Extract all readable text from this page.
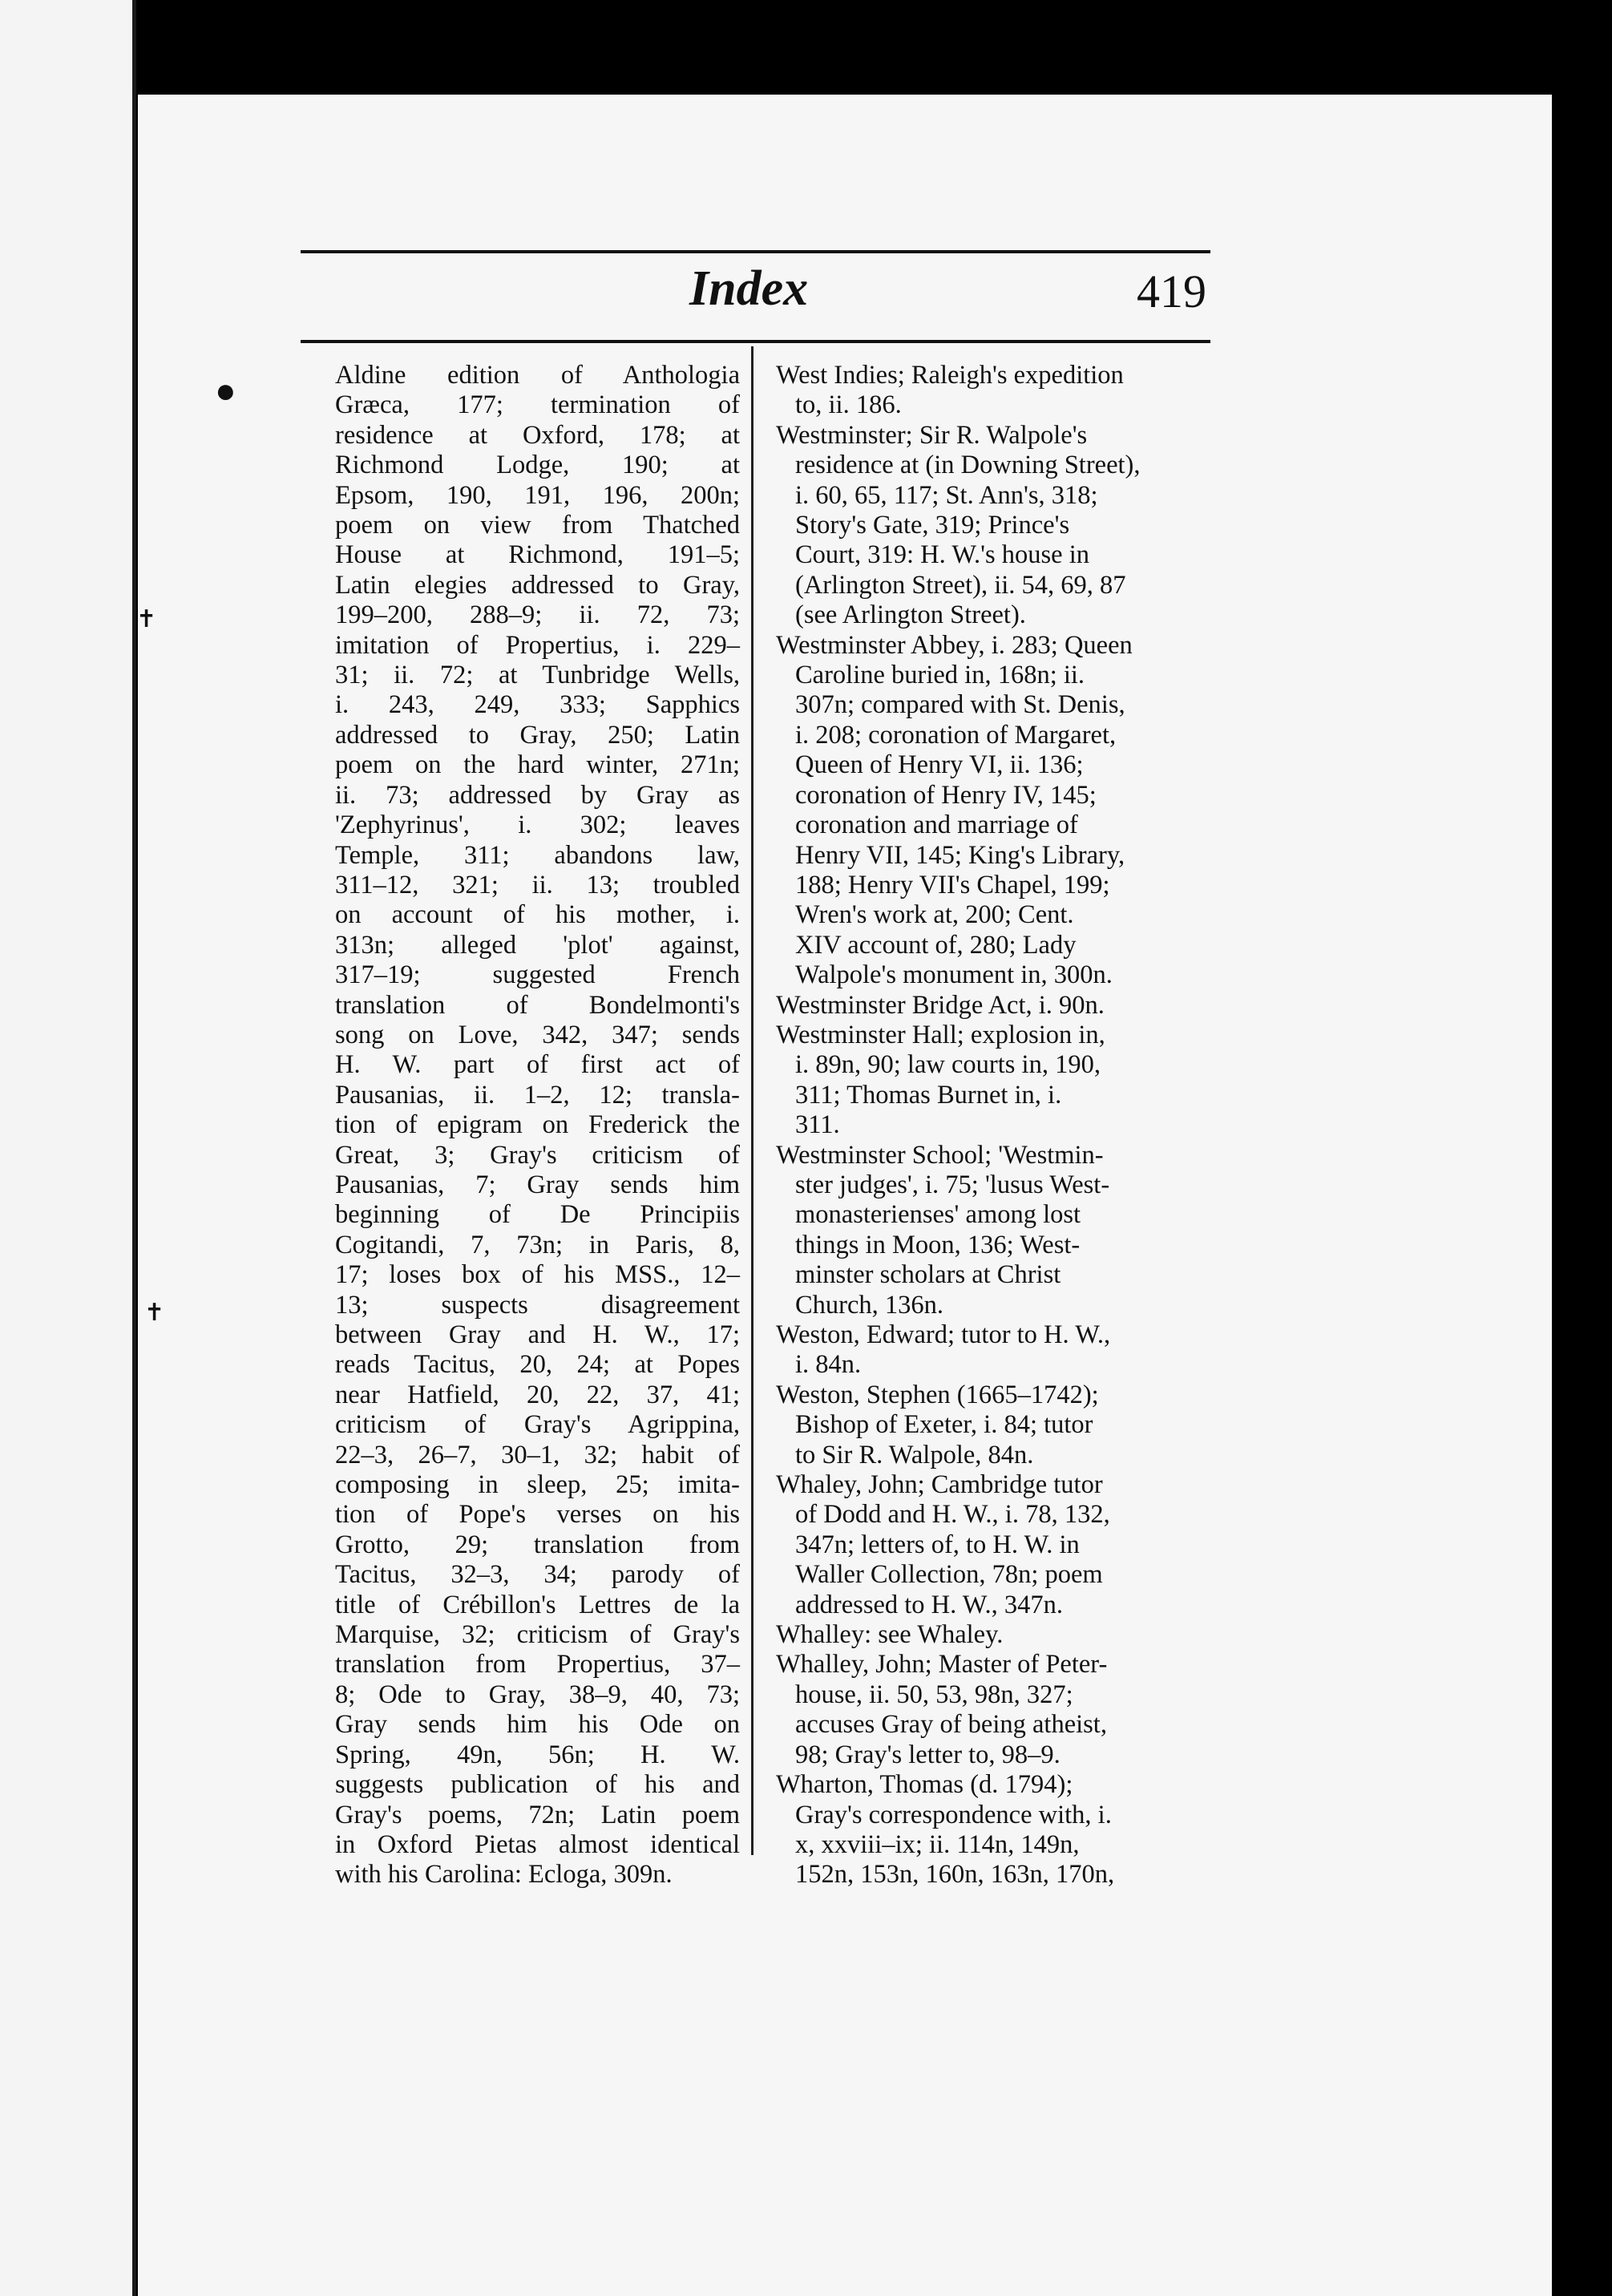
Index	419
●
✝
✝

Aldine edition of Anthologia

Græca, 177; termination of

residence at Oxford, 178; at

Richmond Lodge, 190; at

Epsom, 190, 191, 196, 200n;

poem on view from Thatched

House at Richmond, 191–5;

Latin elegies addressed to Gray,

199–200, 288–9; ii. 72, 73;

imitation of Propertius, i. 229–

31; ii. 72; at Tunbridge Wells,

i. 243, 249, 333; Sapphics

addressed to Gray, 250; Latin

poem on the hard winter, 271n;

ii. 73; addressed by Gray as

'Zephyrinus', i. 302; leaves

Temple, 311; abandons law,

311–12, 321; ii. 13; troubled

on account of his mother, i.

313n; alleged 'plot' against,

317–19; suggested French

translation of Bondelmonti's

song on Love, 342, 347; sends

H. W. part of first act of

Pausanias, ii. 1–2, 12; transla-

tion of epigram on Frederick the

Great, 3; Gray's criticism of

Pausanias, 7; Gray sends him

beginning of De Principiis

Cogitandi, 7, 73n; in Paris, 8,

17; loses box of his MSS., 12–

13; suspects disagreement

between Gray and H. W., 17;

reads Tacitus, 20, 24; at Popes

near Hatfield, 20, 22, 37, 41;

criticism of Gray's Agrippina,

22–3, 26–7, 30–1, 32; habit of

composing in sleep, 25; imita-

tion of Pope's verses on his

Grotto, 29; translation from

Tacitus, 32–3, 34; parody of

title of Crébillon's Lettres de la

Marquise, 32; criticism of Gray's

translation from Propertius, 37–

8; Ode to Gray, 38–9, 40, 73;

Gray sends him his Ode on

Spring, 49n, 56n; H. W.

suggests publication of his and

Gray's poems, 72n; Latin poem

in Oxford Pietas almost identical

with his Carolina: Ecloga, 309n.

West Indies; Raleigh's expedition

to, ii. 186.

Westminster; Sir R. Walpole's

residence at (in Downing Street),

i. 60, 65, 117; St. Ann's, 318;

Story's Gate, 319; Prince's

Court, 319: H. W.'s house in

(Arlington Street), ii. 54, 69, 87

(see Arlington Street).

Westminster Abbey, i. 283; Queen

Caroline buried in, 168n; ii.

307n; compared with St. Denis,

i. 208; coronation of Margaret,

Queen of Henry VI, ii. 136;

coronation of Henry IV, 145;

coronation and marriage of

Henry VII, 145; King's Library,

188; Henry VII's Chapel, 199;

Wren's work at, 200; Cent.

XIV account of, 280; Lady

Walpole's monument in, 300n.

Westminster Bridge Act, i. 90n.

Westminster Hall; explosion in,

i. 89n, 90; law courts in, 190,

311; Thomas Burnet in, i.

311.

Westminster School; 'Westmin-

ster judges', i. 75; 'lusus West-

monasterienses' among lost

things in Moon, 136; West-

minster scholars at Christ

Church, 136n.

Weston, Edward; tutor to H. W.,

i. 84n.

Weston, Stephen (1665–1742);

Bishop of Exeter, i. 84; tutor

to Sir R. Walpole, 84n.

Whaley, John; Cambridge tutor

of Dodd and H. W., i. 78, 132,

347n; letters of, to H. W. in

Waller Collection, 78n; poem

addressed to H. W., 347n.

Whalley: see Whaley.

Whalley, John; Master of Peter-

house, ii. 50, 53, 98n, 327;

accuses Gray of being atheist,

98; Gray's letter to, 98–9.

Wharton, Thomas (d. 1794);

Gray's correspondence with, i.

x, xxviii–ix; ii. 114n, 149n,

152n, 153n, 160n, 163n, 170n,
